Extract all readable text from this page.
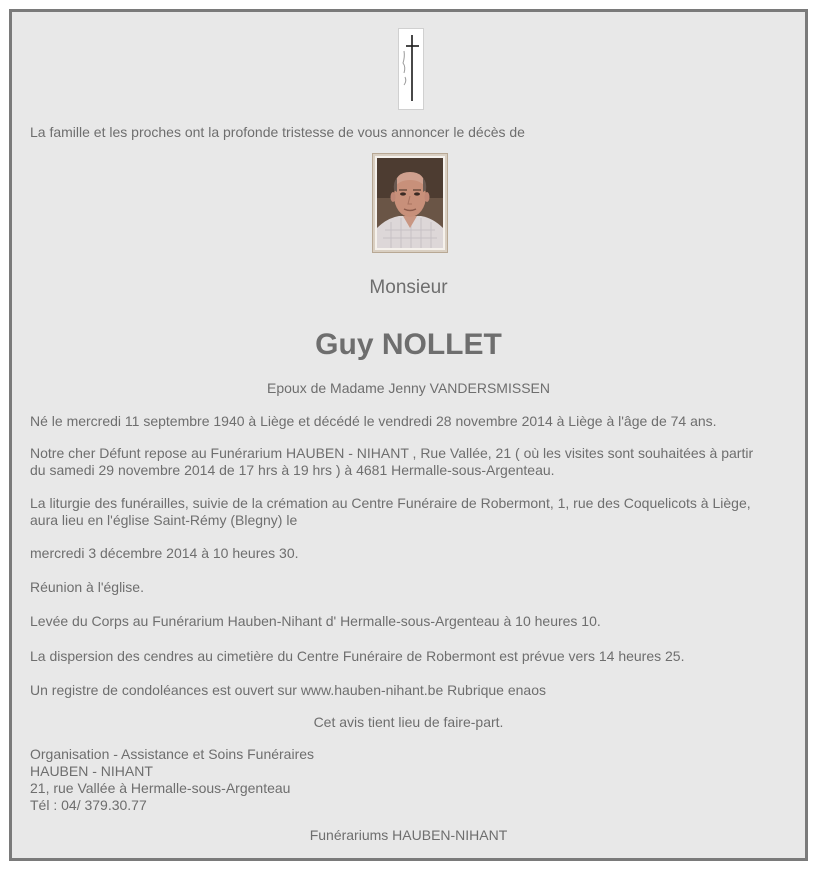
La famille et les proches ont la profonde tristesse de vous annoncer le décès de

Monsieur

Guy NOLLET

Epoux de Madame Jenny VANDERSMISSEN

Né le mercredi 11 septembre 1940 à Liège et décédé le vendredi 28 novembre 2014 à Liège à l'âge de 74 ans.

Notre cher Défunt repose au Funérarium HAUBEN - NIHANT , Rue Vallée, 21 ( où les visites sont souhaitées à partir
du samedi 29 novembre 2014 de 17 hrs à 19 hrs ) à 4681 Hermalle-sous-Argenteau.
La liturgie des funérailles, suivie de la crémation au Centre Funéraire de Robermont, 1, rue des Coquelicots à Liège,
aura lieu en l'église Saint-Rémy (Blegny) le

mercredi 3 décembre 2014 à 10 heures 30.

Réunion à l'église.

Levée du Corps au Funérarium Hauben-Nihant d' Hermalle-sous-Argenteau à 10 heures 10.

La dispersion des cendres au cimetière du Centre Funéraire de Robermont est prévue vers 14 heures 25.

Un registre de condoléances est ouvert sur www.hauben-nihant.be Rubrique enaos

Cet avis tient lieu de faire-part.

Organisation - Assistance et Soins Funéraires
HAUBEN - NIHANT
21, rue Vallée à Hermalle-sous-Argenteau
Tél : 04/ 379.30.77

Funérariums HAUBEN-NIHANT
